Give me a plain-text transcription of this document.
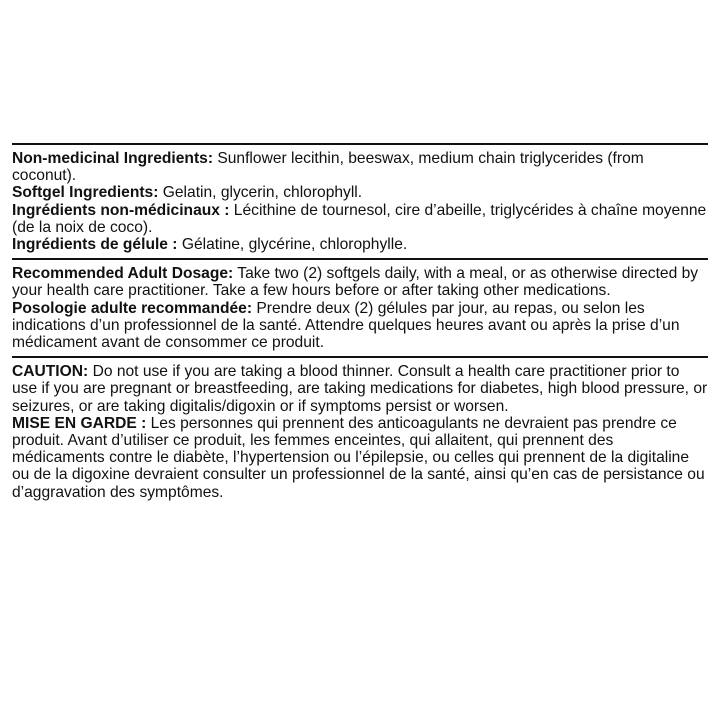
Non-medicinal Ingredients: Sunflower lecithin, beeswax, medium chain triglycerides (from coconut).

Softgel Ingredients: Gelatin, glycerin, chlorophyll.

Ingrédients non-médicinaux : Lécithine de tournesol, cire d’abeille, triglycérides à chaîne moyenne (de la noix de coco).

Ingrédients de gélule : Gélatine, glycérine, chlorophylle.

Recommended Adult Dosage: Take two (2) softgels daily, with a meal, or as otherwise directed by your health care practitioner. Take a few hours before or after taking other medications.

Posologie adulte recommandée: Prendre deux (2) gélules par jour, au repas, ou selon les indications d’un professionnel de la santé. Attendre quelques heures avant ou après la prise d’un médicament avant de consommer ce produit.

CAUTION: Do not use if you are taking a blood thinner. Consult a health care practitioner prior to use if you are pregnant or breastfeeding, are taking medications for diabetes, high blood pressure, or seizures, or are taking digitalis/digoxin or if symptoms persist or worsen.

MISE EN GARDE : Les personnes qui prennent des anticoagulants ne devraient pas prendre ce produit. Avant d’utiliser ce produit, les femmes enceintes, qui allaitent, qui prennent des médicaments contre le diabète, l’hypertension ou l’épilepsie, ou celles qui prennent de la digitaline ou de la digoxine devraient consulter un professionnel de la santé, ainsi qu’en cas de persistance ou d’aggravation des symptômes.
